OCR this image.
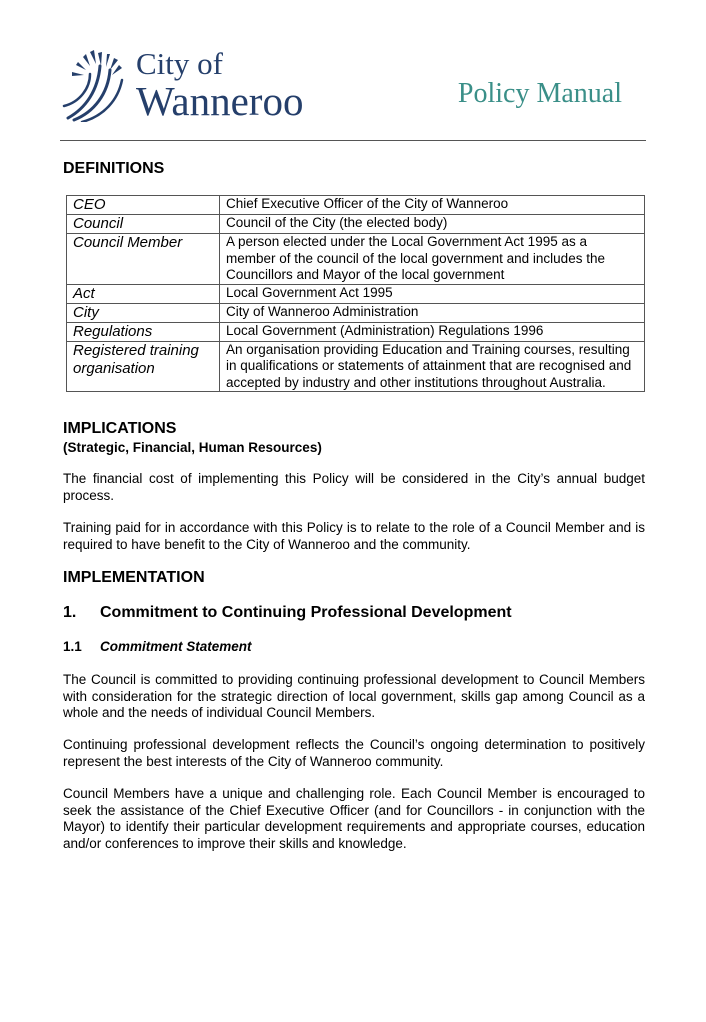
City of
Wanneroo	Policy Manual
DEFINITIONS
CEO	Chief Executive Officer of the City of Wanneroo
Council	Council of the City (the elected body)
Council Member	A person elected under the Local Government Act 1995 as a member of the council of the local government and includes the Councillors and Mayor of the local government
Act	Local Government Act 1995
City	City of Wanneroo Administration
Regulations	Local Government (Administration) Regulations 1996
Registered training organisation	An organisation providing Education and Training courses, resulting in qualifications or statements of attainment that are recognised and accepted by industry and other institutions throughout Australia.
IMPLICATIONS
(Strategic, Financial, Human Resources)
The financial cost of implementing this Policy will be considered in the City’s annual budget process.
Training paid for in accordance with this Policy is to relate to the role of a Council Member and is required to have benefit to the City of Wanneroo and the community.
IMPLEMENTATION
1. Commitment to Continuing Professional Development
1.1 Commitment Statement
The Council is committed to providing continuing professional development to Council Members with consideration for the strategic direction of local government, skills gap among Council as a whole and the needs of individual Council Members.
Continuing professional development reflects the Council’s ongoing determination to positively represent the best interests of the City of Wanneroo community.
Council Members have a unique and challenging role. Each Council Member is encouraged to seek the assistance of the Chief Executive Officer (and for Councillors - in conjunction with the Mayor) to identify their particular development requirements and appropriate courses, education and/or conferences to improve their skills and knowledge.
